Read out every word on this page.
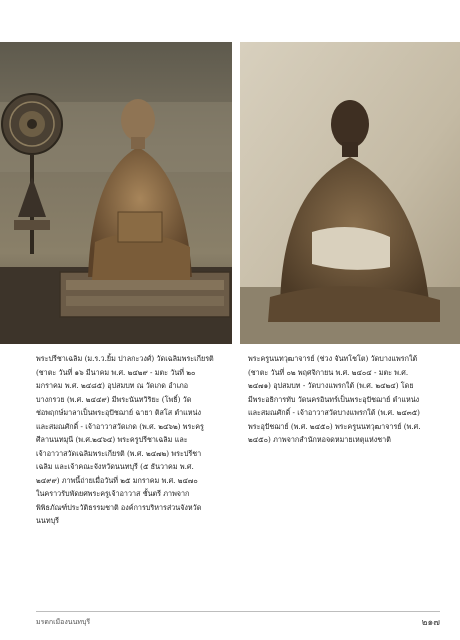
พระปรีชาเฉลิม (ม.ร.ว.ยิ้ม ปาลกะวงศ์) วัดเฉลิมพระเกียรติ
(ชาตะ วันที่ ๑๖ มีนาคม พ.ศ. ๒๔๒๙ - มตะ วันที่ ๒๐
มกราคม พ.ศ. ๒๔๘๕) อุปสมบท ณ วัดเกด อำเภอ
บางกรวย (พ.ศ. ๒๔๔๙) มีพระนันทวิริยะ (โพธิ์) วัด
ช่อพฤกษ์มาลาเป็นพระอุปัชฌาย์ ฉายา ติสโส ตำแหน่ง
และสมณศักดิ์ - เจ้าอาวาสวัดเกด (พ.ศ. ๒๔๖๒) พระครู
ศีลานนทมุนี (พ.ศ.๒๔๖๔) พระครูปรีชาเฉลิม และ
เจ้าอาวาสวัดเฉลิมพระเกียรติ (พ.ศ. ๒๔๗๒) พระปรีชา
เฉลิม และเจ้าคณะจังหวัดนนทบุรี (๕ ธันวาคม พ.ศ.
๒๔๙๙) ภาพนี้ถ่ายเมื่อวันที่ ๒๕ มกราคม พ.ศ. ๒๔๗๐
ในคราวรับพัดยศพระครูเจ้าอาวาส ชั้นตรี ภาพจาก
พิพิธภัณฑ์ประวัติธรรมชาติ องค์การบริหารส่วนจังหวัด
นนทบุรี
พระครูนนทวุฒาจารย์ (ช่วง จันทโชโต) วัดบางแพรกใต้
(ชาตะ วันที่ ๐๒ พฤศจิกายน พ.ศ. ๒๔๐๔ - มตะ พ.ศ.
๒๔๗๑) อุปสมบท - วัดบางแพรกใต้ (พ.ศ. ๒๔๒๔) โดย
มีพระอธิการทับ วัดนครอินทร์เป็นพระอุปัชฌาย์ ตำแหน่ง
และสมณศักดิ์ - เจ้าอาวาสวัดบางแพรกใต้ (พ.ศ. ๒๔๓๕)
พระอุปัชฌาย์ (พ.ศ. ๒๔๕๐) พระครูนนทวุฒาจารย์ (พ.ศ.
๒๔๕๐) ภาพจากสำนักหอจดหมายเหตุแห่งชาติ
มรดกเมืองนนทบุรี	๒๑๗
